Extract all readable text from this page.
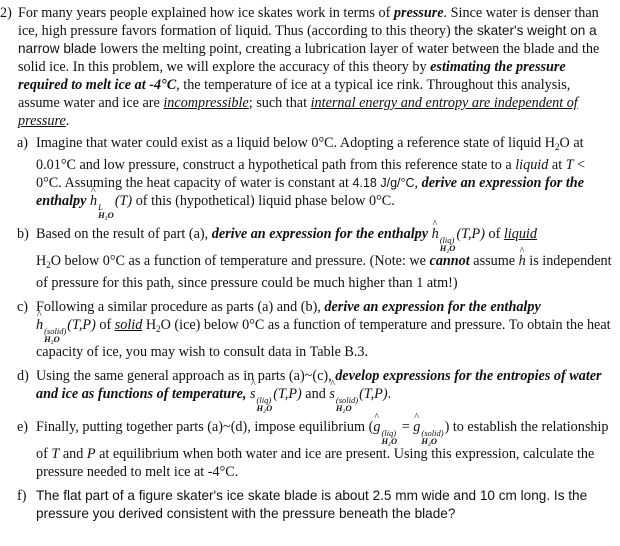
2) For many years people explained how ice skates work in terms of pressure. Since water is denser than ice, high pressure favors formation of liquid. Thus (according to this theory) the skater's weight on a narrow blade lowers the melting point, creating a lubrication layer of water between the blade and the solid ice. In this problem, we will explore the accuracy of this theory by estimating the pressure required to melt ice at -4°C, the temperature of ice at a typical ice rink. Throughout this analysis, assume water and ice are incompressible; such that internal energy and entropy are independent of pressure.

a) Imagine that water could exist as a liquid below 0°C. Adopting a reference state of liquid $H_2O$ at 0.01°C and low pressure, construct a hypothetical path from this reference state to a liquid at T < 0°C. Assuming the heat capacity of water is constant at 4.18 J/g/°C, derive an expression for the enthalpy ^ h L
H₂O
(T) of this (hypothetical) liquid phase below 0°C.
b) Based on the result of part (a), derive an expression for the enthalpy ^ h (liq)
H₂O
(T,P) of liquid
$H_2O$ below 0°C as a function of temperature and pressure. (Note: we cannot assume ^ h is independent of pressure for this path, since pressure could be much higher than 1 atm!)
c) Following a similar procedure as parts (a) and (b), derive an expression for the enthalpy
^ h (solid)
H₂O
(T,P) of solid $H_2O$ (ice) below 0°C as a function of temperature and pressure. To obtain the heat capacity of ice, you may wish to consult data in Table B.3.
d) Using the same general approach as in parts (a)~(c), develop expressions for the entropies of water and ice as functions of temperature, ^ s (liq)
H₂O
(T,P) and ^ s (solid)
H₂O
(T,P).
e) Finally, putting together parts (a)~(d), impose equilibrium (^ g (liq)
H₂O
= ^ g (solid)
H₂O
) to establish the relationship of T and P at equilibrium when both water and ice are present. Using this expression, calculate the pressure needed to melt ice at -4°C.
f) The flat part of a figure skater's ice skate blade is about 2.5 mm wide and 10 cm long. Is the pressure you derived consistent with the pressure beneath the blade?
